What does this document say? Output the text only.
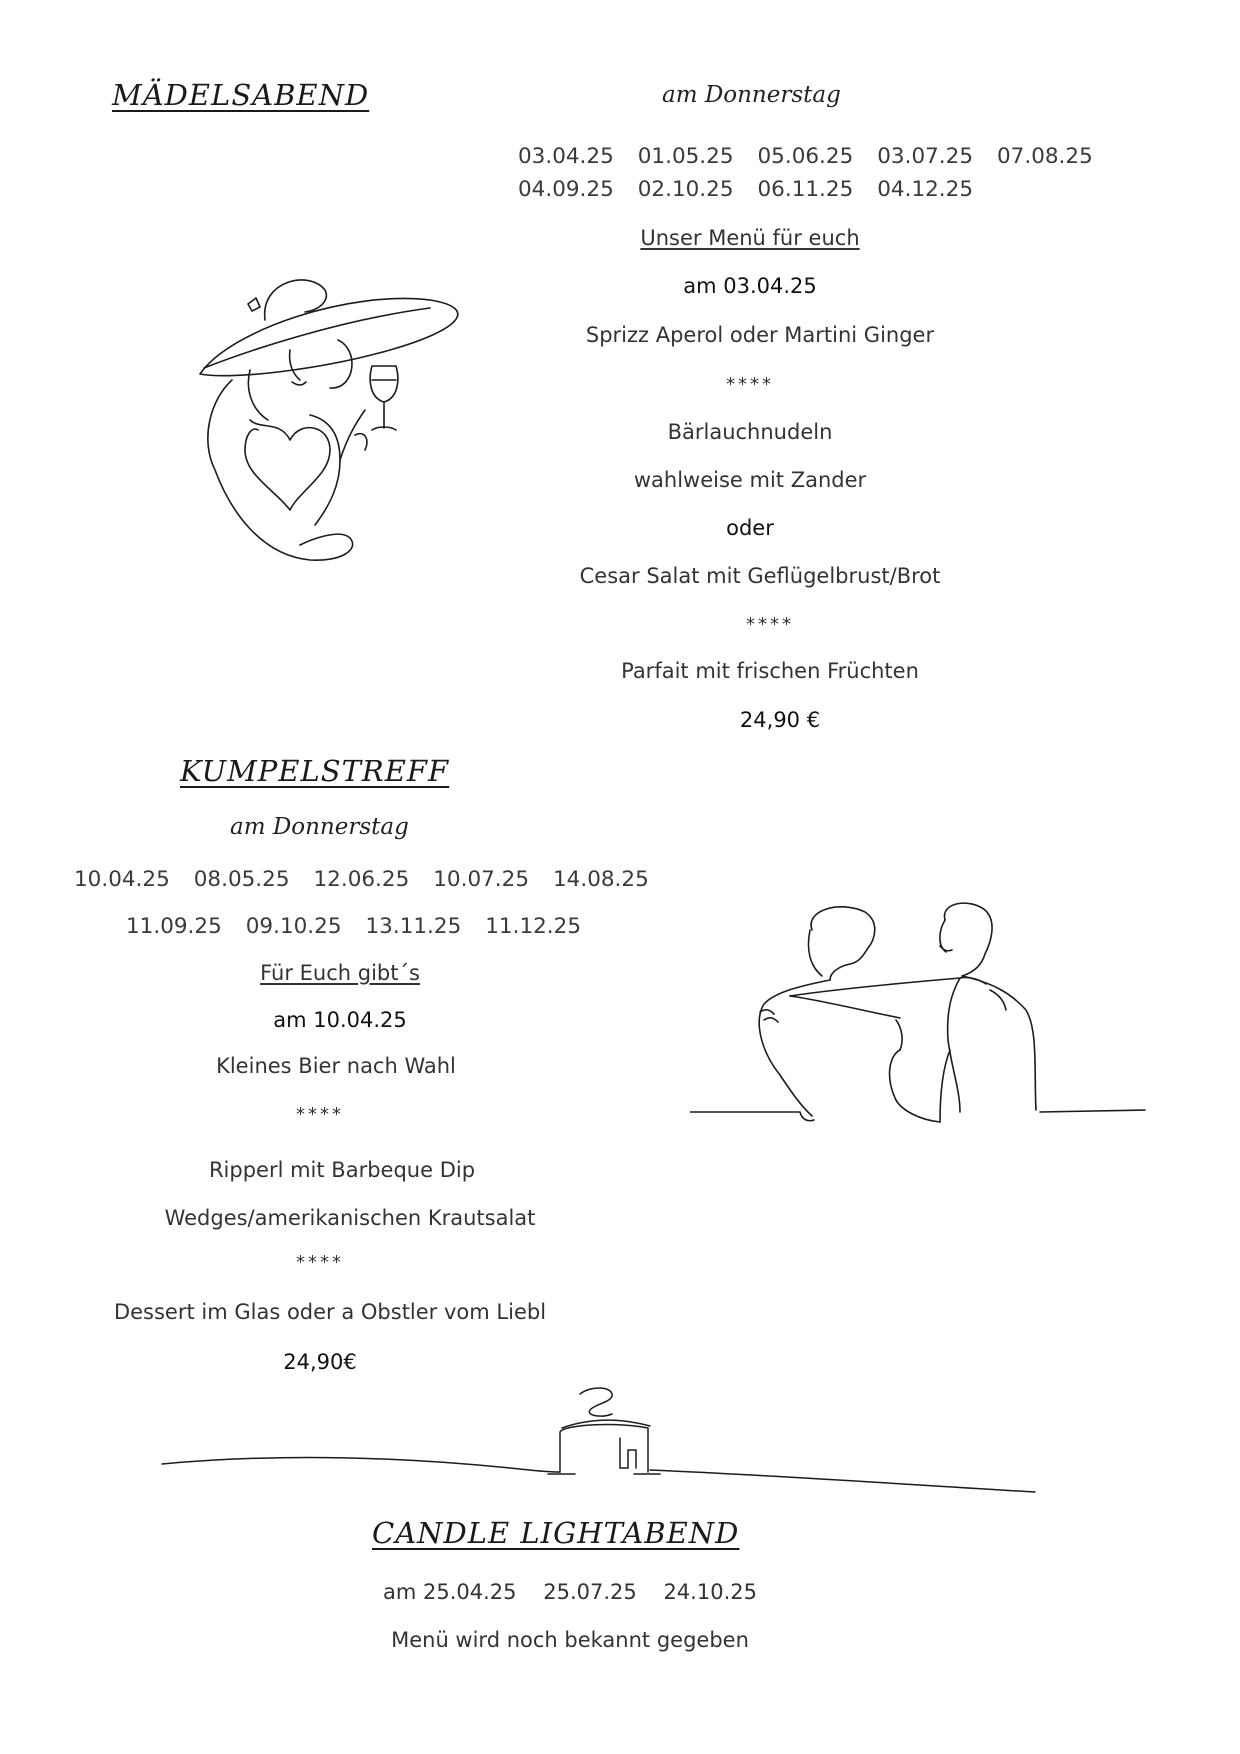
MÄDELSABEND	am Donnerstag
03.04.25 01.05.25 05.06.25 03.07.25 07.08.25
04.09.25 02.10.25 06.11.25 04.12.25
Unser Menü für euch
am 03.04.25
Sprizz Aperol oder Martini Ginger
****
Bärlauchnudeln
wahlweise mit Zander
oder
Cesar Salat mit Geflügelbrust/Brot
****
Parfait mit frischen Früchten
24,90 €
KUMPELSTREFF
am Donnerstag
10.04.25 08.05.25 12.06.25 10.07.25 14.08.25
11.09.25 09.10.25 13.11.25 11.12.25
Für Euch gibt´s
am 10.04.25
Kleines Bier nach Wahl
****
Ripperl mit Barbeque Dip
Wedges/amerikanischen Krautsalat
****
Dessert im Glas oder a Obstler vom Liebl
24,90€
CANDLE LIGHTABEND
am 25.04.25    25.07.25    24.10.25
Menü wird noch bekannt gegeben
